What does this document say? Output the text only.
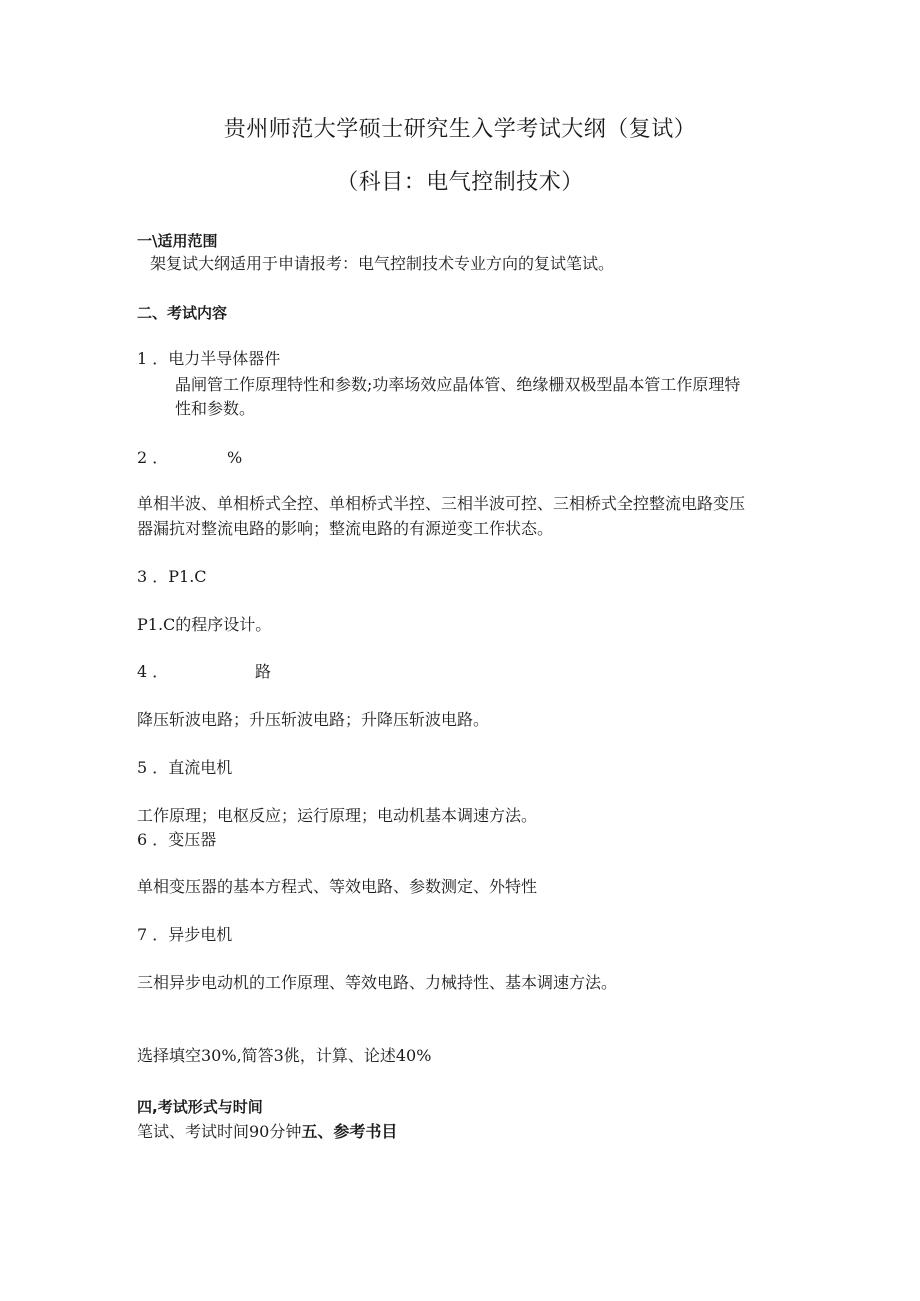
贵州师范大学硕士研究生入学考试大纲（复试）
（科目：电气控制技术）
一\适用范围
架复试大纲适用于申请报考：电气控制技术专业方向的复试笔试。
二、考试内容
1 ．电力半导体器件
晶闸管工作原理特性和参数;功率场效应晶体管、绝缘栅双极型晶本管工作原理特
性和参数。
2 ．	%
单相半波、单相桥式全控、单相桥式半控、三相半波可控、三相桥式全控整流电路变压
器漏抗对整流电路的影响；整流电路的有源逆变工作状态。
3 ．P1.C
P1.C的程序设计。
4 ．	路
降压斩波电路；升压斩波电路；升降压斩波电路。
5 ．直流电机
工作原理；电枢反应；运行原理；电动机基本调速方法。
6 ．变压器
单相变压器的基本方程式、等效电路、参数测定、外特性
7 ．异步电机
三相异步电动机的工作原理、等效电路、力械持性、基本调速方法。
选择填空30%,简答3佻，计算、论述40%
四,考试形式与时间
笔试、考试时间90分钟五、参考书目
